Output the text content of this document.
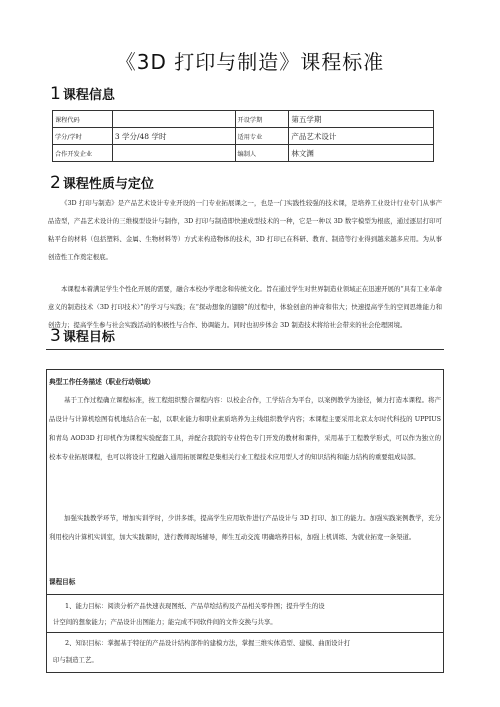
《3D 打印与制造》课程标准
1 课程信息
课程代码		开设学期	第五学期
学分/学时	3 学分/48 学时	适用专业	产品艺术设计
合作开发企业		编制人	林文渊
2 课程性质与定位
《3D 打印与制造》是产品艺术设计专业开设的一门专业拓展课之一，也是一门实践性较强的技术课，是培养工业设计行业专门从事产品造型，产品艺术设计的三维模型设计与制作，3D 打印与制造即快速成型技术的一种，它是一种以 3D 数字模型为根底，通过逐层打印可粘平台的材料（包括塑料、金属、生物材料等）方式来构造物体的技术，3D 打印已在科研、教育、制造等行业得到越来越多应用。为从事创造性工作奠定根底。
本课程本着满足学生个性化开展的需要，融合本校办学理念和传统文化。旨在通过学生对世界制造业领域正在迅速开展的“具有工业革命意义的制造技术（3D 打印技术）”的学习与实践；在“探动想象的翅膀”的过程中，体验创意的神奇和伟大；快速提高学生的空间思维能力和创造力；提高学生参与社会实践活动的积极性与合作、协调能力。同时也初步体会 3D 制造技术将给社会带来的社会伦理困境。
3 课程目标
典型工作任务描述（职业行动领域）
基于工作过程确立课程标准，按工程组织整合课程内容：以校企合作，工学结合为平台，以案例教学为途径，倾力打造本课程。将产品设计与计算机绘图有机地结合在一起，以职业能力和职业素质培养为主线组织教学内容；本课程主要采用北京太尔时代科技的 UPPIUS 和青岛 AOD3D 打印机作为课程实验配套工具，并配合我院的专业特色专门开发的教材和课件，采用基于工程教学形式，可以作为独立的校本专业拓展课程，也可以将设计工程融入通用拓展课程是集相关行业工程技术应用型人才的知识结构和能力结构的重要组成局部。
加强实践教学环节，增加实训学时，少讲多练，提高学生应用软件进行产品设计与 3D 打印、加工的能力。加强实践案例教学，充分利用校内计算机实训室，加大实践课时，进行教师现场辅导，师生互动交流 明确培养目标，加强上机训练、为就业拓宽一条渠道。
课程目标
1、能力目标：阅读分析产品快速表现图纸、产品草绘结构及产品相关零件图；提升学生的设
计空间的想象能力；产品设计出图能力；能完成不同软件间的文件交换与共享。
2、知识目标：掌握基于特征的产品设计结构部件的建模方法，掌握三维实体造型、建模、曲面设计打
印与制造工艺。
